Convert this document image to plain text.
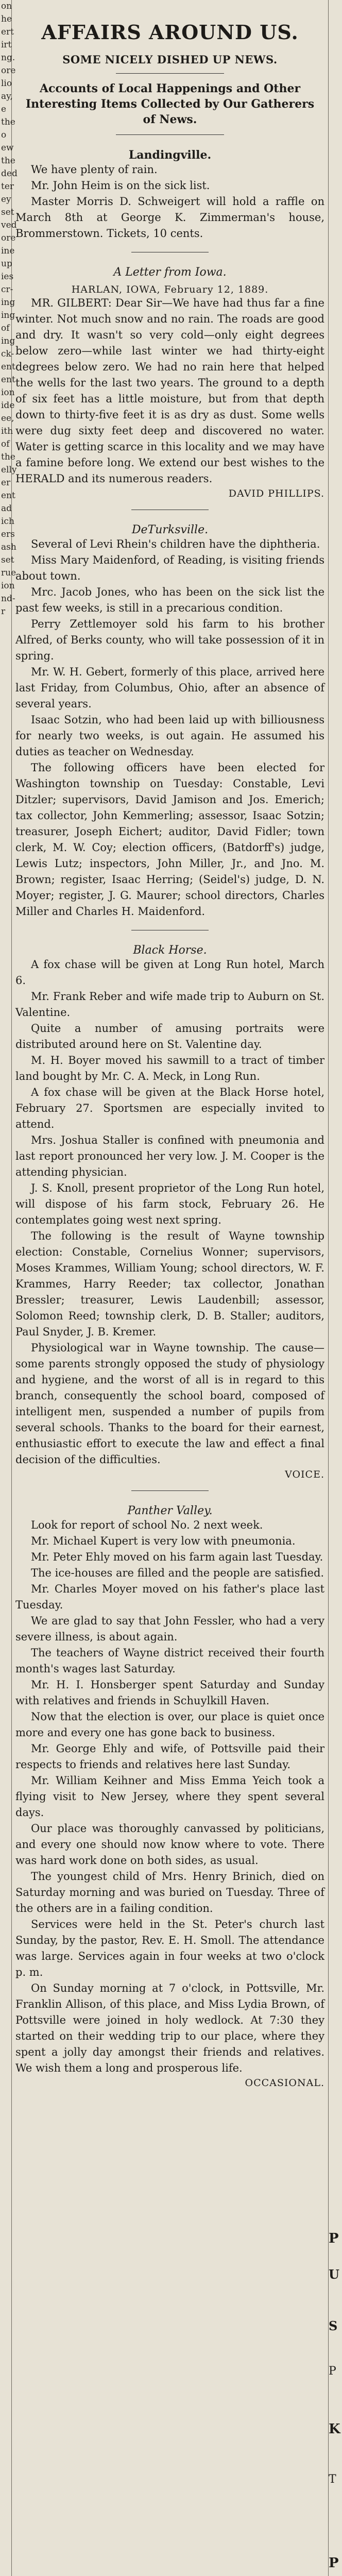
on
he
ert
irt
ng.
ore
lio
ay,
e
the
o
ew
the
ded
ter
ey
set
ved
ore
ine
up
ies
cr-
ing
ing
of
ing
ck-
ent
ent
ion
ide
ee,
ith
of
the
elly
er
ent
ad
ich
ers
ash
set
rue
ion
nd-
r
P
U
S
P
K
T
P
AFFAIRS AROUND US.
SOME NICELY DISHED UP NEWS.
Accounts of Local Happenings and Other Interesting Items Collected by Our Gatherers of News.
Landingville.

We have plenty of rain.

Mr. John Heim is on the sick list.

Master Morris D. Schweigert will hold a raffle on March 8th at George K. Zimmerman's house, Brommerstown. Tickets, 10 cents.

A Letter from Iowa.
HARLAN, IOWA, February 12, 1889.

MR. GILBERT: Dear Sir—We have had thus far a fine winter. Not much snow and no rain. The roads are good and dry. It wasn't so very cold—only eight degrees below zero—while last winter we had thirty-eight degrees below zero. We had no rain here that helped the wells for the last two years. The ground to a depth of six feet has a little moisture, but from that depth down to thirty-five feet it is as dry as dust. Some wells were dug sixty feet deep and discovered no water. Water is getting scarce in this locality and we may have a famine before long. We extend our best wishes to the HERALD and its numerous readers.

DAVID PHILLIPS.
DeTurksville.

Several of Levi Rhein's children have the diphtheria.

Miss Mary Maidenford, of Reading, is visiting friends about town.

Mrc. Jacob Jones, who has been on the sick list the past few weeks, is still in a precarious condition.

Perry Zettlemoyer sold his farm to his brother Alfred, of Berks county, who will take possession of it in spring.

Mr. W. H. Gebert, formerly of this place, arrived here last Friday, from Columbus, Ohio, after an absence of several years.

Isaac Sotzin, who had been laid up with billiousness for nearly two weeks, is out again. He assumed his duties as teacher on Wednesday.

The following officers have been elected for Washington township on Tuesday: Constable, Levi Ditzler; supervisors, David Jamison and Jos. Emerich; tax collector, John Kemmerling; assessor, Isaac Sotzin; treasurer, Joseph Eichert; auditor, David Fidler; town clerk, M. W. Coy; election officers, (Batdorff's) judge, Lewis Lutz; inspectors, John Miller, Jr., and Jno. M. Brown; register, Isaac Herring; (Seidel's) judge, D. N. Moyer; register, J. G. Maurer; school directors, Charles Miller and Charles H. Maidenford.

Black Horse.

A fox chase will be given at Long Run hotel, March 6.

Mr. Frank Reber and wife made trip to Auburn on St. Valentine.

Quite a number of amusing portraits were distributed around here on St. Valentine day.

M. H. Boyer moved his sawmill to a tract of timber land bought by Mr. C. A. Meck, in Long Run.

A fox chase will be given at the Black Horse hotel, February 27. Sportsmen are especially invited to attend.

Mrs. Joshua Staller is confined with pneumonia and last report pronounced her very low. J. M. Cooper is the attending physician.

J. S. Knoll, present proprietor of the Long Run hotel, will dispose of his farm stock, February 26. He contemplates going west next spring.

The following is the result of Wayne township election: Constable, Cornelius Wonner; supervisors, Moses Krammes, William Young; school directors, W. F. Krammes, Harry Reeder; tax collector, Jonathan Bressler; treasurer, Lewis Laudenbill; assessor, Solomon Reed; township clerk, D. B. Staller; auditors, Paul Snyder, J. B. Kremer.

Physiological war in Wayne township. The cause—some parents strongly opposed the study of physiology and hygiene, and the worst of all is in regard to this branch, consequently the school board, composed of intelligent men, suspended a number of pupils from several schools. Thanks to the board for their earnest, enthusiastic effort to execute the law and effect a final decision of the difficulties.

VOICE.
Panther Valley.

Look for report of school No. 2 next week.

Mr. Michael Kupert is very low with pneumonia.

Mr. Peter Ehly moved on his farm again last Tuesday.

The ice-houses are filled and the people are satisfied.

Mr. Charles Moyer moved on his father's place last Tuesday.

We are glad to say that John Fessler, who had a very severe illness, is about again.

The teachers of Wayne district received their fourth month's wages last Saturday.

Mr. H. I. Honsberger spent Saturday and Sunday with relatives and friends in Schuylkill Haven.

Now that the election is over, our place is quiet once more and every one has gone back to business.

Mr. George Ehly and wife, of Pottsville paid their respects to friends and relatives here last Sunday.

Mr. William Keihner and Miss Emma Yeich took a flying visit to New Jersey, where they spent several days.

Our place was thoroughly canvassed by politicians, and every one should now know where to vote. There was hard work done on both sides, as usual.

The youngest child of Mrs. Henry Brinich, died on Saturday morning and was buried on Tuesday. Three of the others are in a failing condition.

Services were held in the St. Peter's church last Sunday, by the pastor, Rev. E. H. Smoll. The attendance was large. Services again in four weeks at two o'clock p. m.

On Sunday morning at 7 o'clock, in Pottsville, Mr. Franklin Allison, of this place, and Miss Lydia Brown, of Pottsville were joined in holy wedlock. At 7:30 they started on their wedding trip to our place, where they spent a jolly day amongst their friends and relatives. We wish them a long and prosperous life.

OCCASIONAL.
